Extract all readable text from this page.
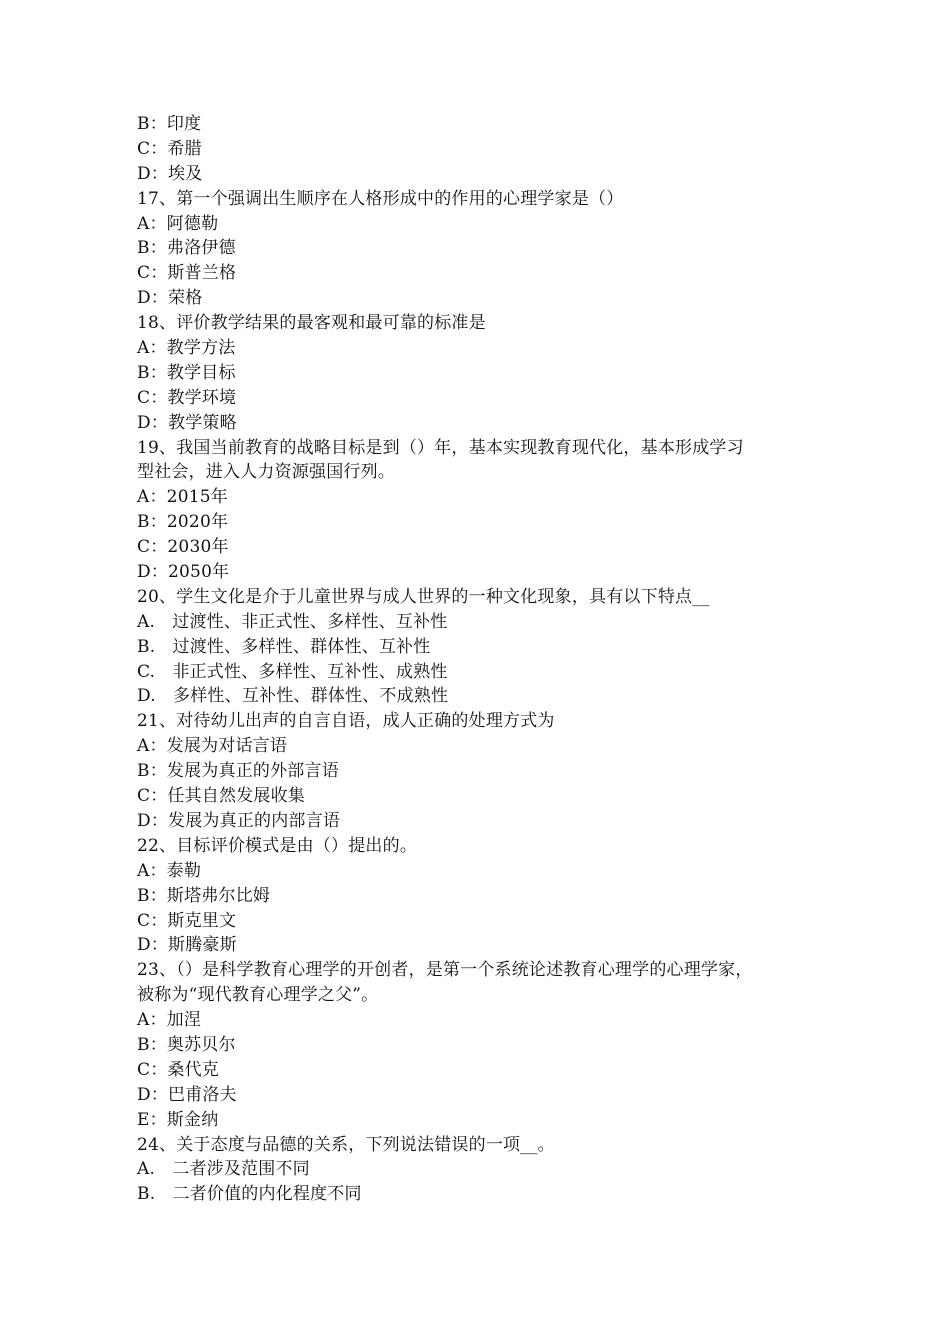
B：印度
C：希腊
D：埃及
17、第一个强调出生顺序在人格形成中的作用的心理学家是（）
A：阿德勒
B：弗洛伊德
C：斯普兰格
D：荣格
18、评价教学结果的最客观和最可靠的标准是
A：教学方法
B：教学目标
C：教学环境
D：教学策略
19、我国当前教育的战略目标是到（）年，基本实现教育现代化，基本形成学习
型社会，进入人力资源强国行列。
A：2015年
B：2020年
C：2030年
D：2050年
20、学生文化是介于儿童世界与成人世界的一种文化现象，具有以下特点__
A.　过渡性、非正式性、多样性、互补性
B.　过渡性、多样性、群体性、互补性
C.　非正式性、多样性、互补性、成熟性
D.　多样性、互补性、群体性、不成熟性
21、对待幼儿出声的自言自语，成人正确的处理方式为
A：发展为对话言语
B：发展为真正的外部言语
C：任其自然发展收集
D：发展为真正的内部言语
22、目标评价模式是由（）提出的。
A：泰勒
B：斯塔弗尔比姆
C：斯克里文
D：斯腾豪斯
23、（）是科学教育心理学的开创者，是第一个系统论述教育心理学的心理学家，
被称为“现代教育心理学之父”。
A：加涅
B：奥苏贝尔
C：桑代克
D：巴甫洛夫
E：斯金纳
24、关于态度与品德的关系，下列说法错误的一项__。
A.　二者涉及范围不同
B.　二者价值的内化程度不同
